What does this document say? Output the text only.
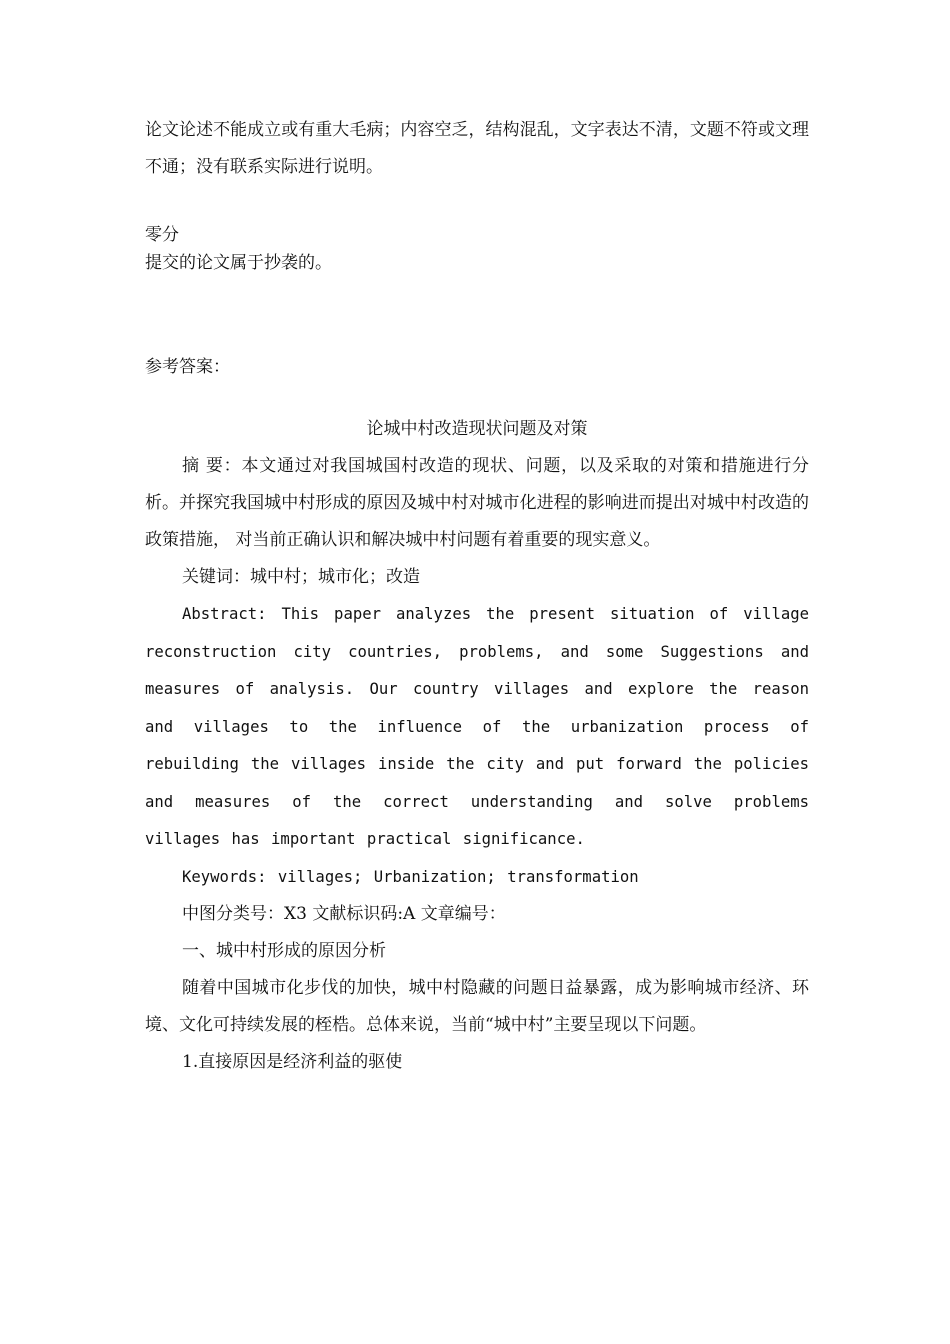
论文论述不能成立或有重大毛病；内容空乏，结构混乱，文字表达不清，文题不符或文理不通；没有联系实际进行说明。

零分

提交的论文属于抄袭的。

参考答案：

论城中村改造现状问题及对策

摘 要：本文通过对我国城国村改造的现状、问题，以及采取的对策和措施进行分析。并探究我国城中村形成的原因及城中村对城市化进程的影响进而提出对城中村改造的政策措施， 对当前正确认识和解决城中村问题有着重要的现实意义。

关键词：城中村；城市化；改造

Abstract: This paper analyzes the present situation of village reconstruction city countries, problems, and some Suggestions and measures of analysis. Our country villages and explore the reason and villages to the influence of the urbanization process of rebuilding the villages inside the city and put forward the policies and measures of the correct understanding and solve problems villages has important practical significance.

Keywords: villages; Urbanization; transformation

中图分类号：X3 文献标识码:A 文章编号：

一、城中村形成的原因分析

随着中国城市化步伐的加快，城中村隐藏的问题日益暴露，成为影响城市经济、环境、文化可持续发展的桎梏。总体来说，当前“城中村”主要呈现以下问题。

1.直接原因是经济利益的驱使
